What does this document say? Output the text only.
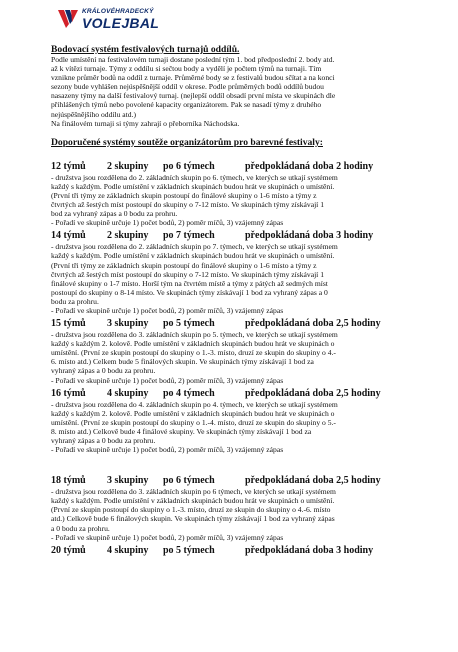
KRÁLOVÉHRADECKÝ
VOLEJBAL

Bodovací systém festivalových turnajů oddílů.

Podle umístění na festivalovém turnaji dostane poslední tým 1. bod předposlední 2. body atd.

až k vítězi turnaje. Týmy z oddílu si sečtou body a vydělí je počtem týmů na turnaji. Tím

vznikne průměr bodů na oddíl z turnaje. Průměrné body se z festivalů budou sčítat a na konci

sezony bude vyhlášen nejúspěšnější oddíl v okrese. Podle průměrných bodů oddílů budou

nasazeny týmy na další festivalový turnaj. (nejlepší oddíl obsadí první místa ve skupinách dle

přihlášených týmů nebo povolené kapacity organizátorem. Pak se nasadí týmy z druhého

nejúspěšnějšího oddílu atd.)

Na finálovém turnaji si týmy zahrají o přeborníka Náchodska.

Doporučené systémy soutěže organizátorům pro barevné festivaly:

12 týmů	2 skupiny	po 6 týmech	předpokládaná doba 2 hodiny

- družstva jsou rozdělena do 2. základních skupin po 6. týmech, ve kterých se utkají systémem

každý s každým. Podle umístění v základních skupinách budou hrát ve skupinách o umístění.

(První tři týmy ze základních skupin postoupí do finálové skupiny o 1-6 místo a týmy z

čtvrtých až šestých míst postoupí do skupiny o 7-12 místo. Ve skupinách týmy získávají 1

bod za vyhraný zápas a 0 bodu za prohru.

- Pořadí ve skupině určuje 1) počet bodů, 2) poměr míčů, 3) vzájemný zápas

14 týmů	2 skupiny	po 7 týmech	předpokládaná doba 3 hodiny

- družstva jsou rozdělena do 2. základních skupin po 7. týmech, ve kterých se utkají systémem

každý s každým. Podle umístění v základních skupinách budou hrát ve skupinách o umístění.

(První tři týmy ze základních skupin postoupí do finálové skupiny o 1-6 místo a týmy z

čtvrtých až šestých míst postoupí do skupiny o 7-12 místo. Ve skupinách týmy získávají 1

finálové skupiny o 1-7 místo. Horší tým na čtvrtém místě a týmy z pátých až sedmých míst

postoupí do skupiny o 8-14 místo. Ve skupinách týmy získávají 1 bod za vyhraný zápas a 0

bodu za prohru.

- Pořadí ve skupině určuje 1) počet bodů, 2) poměr míčů, 3) vzájemný zápas

15 týmů	3 skupiny	po 5 týmech	předpokládaná doba 2,5 hodiny

- družstva jsou rozdělena do 3. základních skupin po 5. týmech, ve kterých se utkají systémem

každý s každým 2. kolově. Podle umístění v základních skupinách budou hrát ve skupinách o

umístění. (První ze skupin postoupí do skupiny o 1.-3. místo, druzí ze skupin do skupiny o 4.-

6. místo atd.) Celkem bude 5 finálových skupin. Ve skupinách týmy získávají 1 bod za

vyhraný zápas a 0 bodu za prohru.

- Pořadí ve skupině určuje 1) počet bodů, 2) poměr míčů, 3) vzájemný zápas

16 týmů	4 skupiny	po 4 týmech	předpokládaná doba 2,5 hodiny

- družstva jsou rozdělena do 4. základních skupin po 4. týmech, ve kterých se utkají systémem

každý s každým 2. kolově. Podle umístění v základních skupinách budou hrát ve skupinách o

umístění. (První ze skupin postoupí do skupiny o 1.-4. místo, druzí ze skupin do skupiny o 5.-

8. místo atd.) Celkově bude 4 finálové skupiny. Ve skupinách týmy získávají 1 bod za

vyhraný zápas a 0 bodu za prohru.

- Pořadí ve skupině určuje 1) počet bodů, 2) poměr míčů, 3) vzájemný zápas

18 týmů	3 skupiny	po 6 týmech	předpokládaná doba 2,5 hodiny

- družstva jsou rozdělena do 3. základních skupin po 6 týmech, ve kterých se utkají systémem

každý s každým. Podle umístění v základních skupinách budou hrát ve skupinách o umístění.

(První ze skupin postoupí do skupiny o 1.-3. místo, druzí ze skupin do skupiny o 4.-6. místo

atd.) Celkově bude 6 finálových skupin. Ve skupinách týmy získávají 1 bod za vyhraný zápas

a 0 bodu za prohru.

- Pořadí ve skupině určuje 1) počet bodů, 2) poměr míčů, 3) vzájemný zápas

20 týmů	4 skupiny	po 5 týmech	předpokládaná doba 3 hodiny
